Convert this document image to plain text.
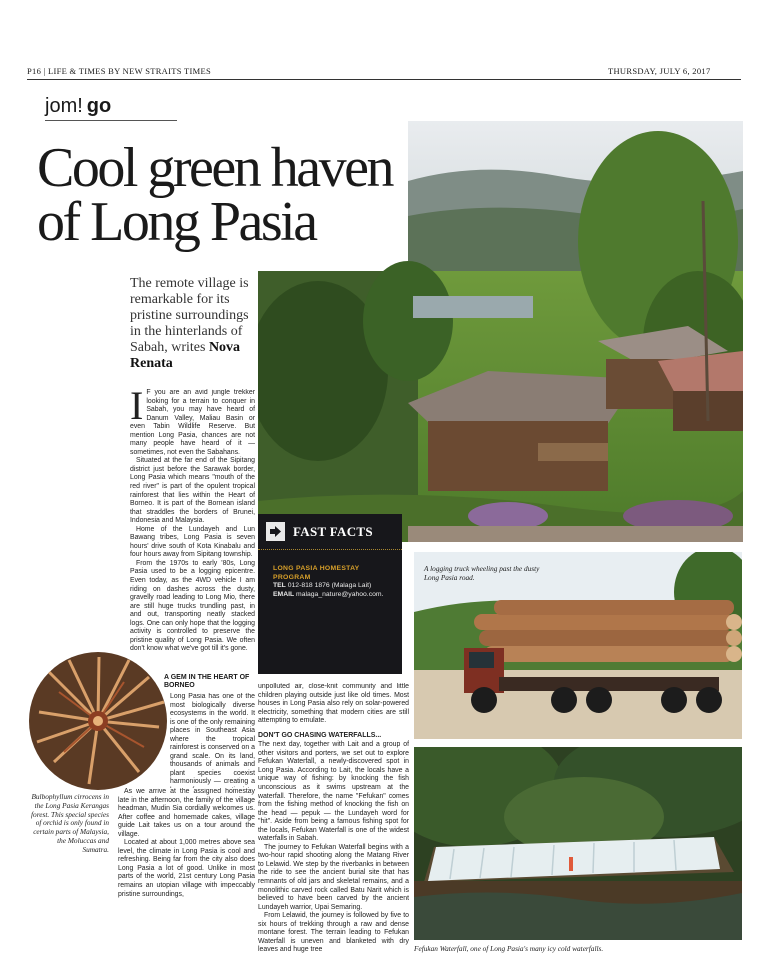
P16 | LIFE & TIMES BY NEW STRAITS TIMES	THURSDAY, JULY 6, 2017
jom! go
Cool green haven
of Long Pasia
The remote village is remarkable for its pristine surroundings in the hinterlands of Sabah, writes Nova Renata
I F you are an avid jungle trekker looking for a terrain to conquer in Sabah, you may have heard of Danum Valley, Maliau Basin or even Tabin Wildlife Reserve. But mention Long Pasia, chances are not many people have heard of it — sometimes, not even the Sabahans.

Situated at the far end of the Sipitang district just before the Sarawak border, Long Pasia which means "mouth of the red river" is part of the opulent tropical rainforest that lies within the Heart of Borneo. It is part of the Bornean island that straddles the borders of Brunei, Indonesia and Malaysia.

Home of the Lundayeh and Lun Bawang tribes, Long Pasia is seven hours' drive south of Kota Kinabalu and four hours away from Sipitang township.

From the 1970s to early '80s, Long Pasia used to be a logging epicentre. Even today, as the 4WD vehicle I am riding on dashes across the dusty, gravelly road leading to Long Mio, there are still huge trucks trundling past, in and out, transporting neatly stacked logs. One can only hope that the logging activity is controlled to preserve the pristine quality of Long Pasia. We often don't know what we've got till it's gone.

A GEM IN THE HEART OF BORNEO

Long Pasia has one of the most biologically diverse ecosystems in the world. It is one of the only remaining places in Southeast Asia where the tropical rainforest is conserved on a grand scale. On its land, thousands of animals and plant species coexist harmoniously — creating a

As we arrive at the assigned homestay late in the afternoon, the family of the village headman, Mudin Sia cordially welcomes us. After coffee and homemade cakes, village guide Lait takes us on a tour around the village.

Located at about 1,000 metres above sea level, the climate in Long Pasia is cool and refreshing. Being far from the city also does Long Pasia a lot of good. Unlike in most parts of the world, 21st century Long Pasia remains an utopian village with impeccably pristine surroundings,

Bulbophyllum cirrocens in the Long Pasia Kerangas forest. This special species of orchid is only found in certain parts of Malaysia, the Moluccas and Sumatra.
FAST FACTS
LONG PASIA HOMESTAY
PROGRAM
TEL 012-818 1876 (Malaga Lait)
EMAIL malaga_nature@yahoo.com.

unpolluted air, close-knit community and little children playing outside just like old times. Most houses in Long Pasia also rely on solar-powered electricity, something that modern cities are still attempting to emulate.

DON'T GO CHASING WATERFALLS...

The next day, together with Lait and a group of other visitors and porters, we set out to explore Fefukan Waterfall, a newly-discovered spot in Long Pasia. According to Lait, the locals have a unique way of fishing: by knocking the fish unconscious as it swims upstream at the waterfall. Therefore, the name "Fefukan" comes from the fishing method of knocking the fish on the head — pepuk — the Lundayeh word for "hit". Aside from being a famous fishing spot for the locals, Fefukan Waterfall is one of the widest waterfalls in Sabah.

The journey to Fefukan Waterfall begins with a two-hour rapid shooting along the Matang River to Lelawid. We step by the riverbanks in between the ride to see the ancient burial site that has remnants of old jars and skeletal remains, and a monolithic carved rock called Batu Narit which is believed to have been carved by the ancient Lundayeh warrior, Upai Semaring.

From Lelawid, the journey is followed by five to six hours of trekking through a raw and dense montane forest. The terrain leading to Fefukan Waterfall is uneven and blanketed with dry leaves and huge tree

A logging truck wheeling past the dusty Long Pasia road.
Fefukan Waterfall, one of Long Pasia's many icy cold waterfalls.
